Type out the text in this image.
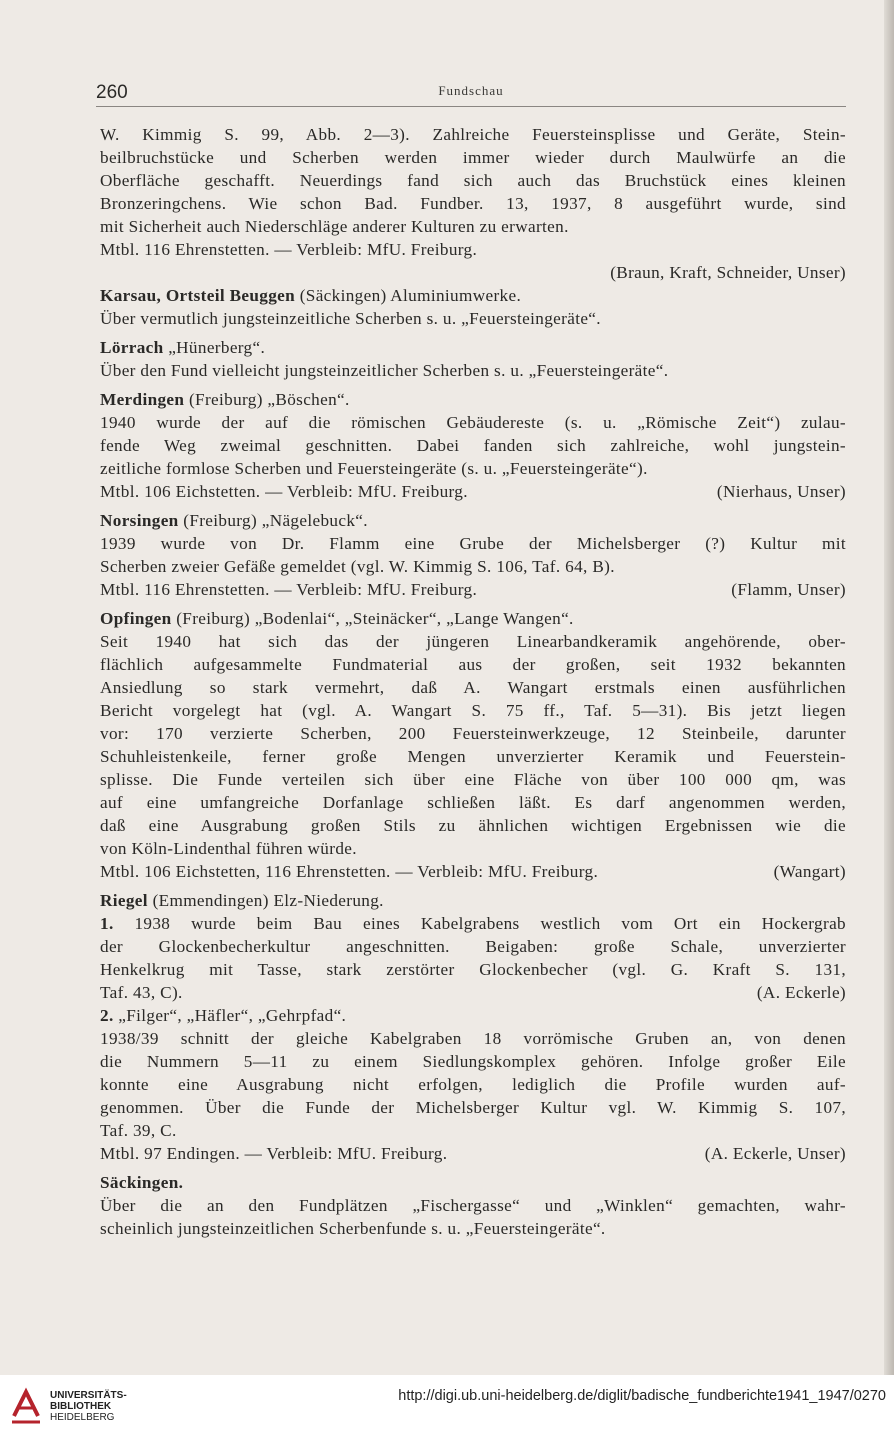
260	Fundschau
W. Kimmig S. 99, Abb. 2—3). Zahlreiche Feuersteinsplisse und Geräte, Stein-
beilbruchstücke und Scherben werden immer wieder durch Maulwürfe an die
Oberfläche geschafft. Neuerdings fand sich auch das Bruchstück eines kleinen
Bronzeringchens. Wie schon Bad. Fundber. 13, 1937, 8 ausgeführt wurde, sind
mit Sicherheit auch Niederschläge anderer Kulturen zu erwarten.
Mtbl. 116 Ehrenstetten. — Verbleib: MfU. Freiburg.
(Braun, Kraft, Schneider, Unser)
Karsau, Ortsteil Beuggen (Säckingen) Aluminiumwerke.
Über vermutlich jungsteinzeitliche Scherben s. u. „Feuersteingeräte“.
Lörrach „Hünerberg“.
Über den Fund vielleicht jungsteinzeitlicher Scherben s. u. „Feuersteingeräte“.
Merdingen (Freiburg) „Böschen“.
1940 wurde der auf die römischen Gebäudereste (s. u. „Römische Zeit“) zulau-
fende Weg zweimal geschnitten. Dabei fanden sich zahlreiche, wohl jungstein-
zeitliche formlose Scherben und Feuersteingeräte (s. u. „Feuersteingeräte“).
Mtbl. 106 Eichstetten. — Verbleib: MfU. Freiburg.	(Nierhaus, Unser)
Norsingen (Freiburg) „Nägelebuck“.
1939 wurde von Dr. Flamm eine Grube der Michelsberger (?) Kultur mit
Scherben zweier Gefäße gemeldet (vgl. W. Kimmig S. 106, Taf. 64, B).
Mtbl. 116 Ehrenstetten. — Verbleib: MfU. Freiburg.	(Flamm, Unser)
Opfingen (Freiburg) „Bodenlai“, „Steinäcker“, „Lange Wangen“.
Seit 1940 hat sich das der jüngeren Linearbandkeramik angehörende, ober-
flächlich aufgesammelte Fundmaterial aus der großen, seit 1932 bekannten
Ansiedlung so stark vermehrt, daß A. Wangart erstmals einen ausführlichen
Bericht vorgelegt hat (vgl. A. Wangart S. 75 ff., Taf. 5—31). Bis jetzt liegen
vor: 170 verzierte Scherben, 200 Feuersteinwerkzeuge, 12 Steinbeile, darunter
Schuhleistenkeile, ferner große Mengen unverzierter Keramik und Feuerstein-
splisse. Die Funde verteilen sich über eine Fläche von über 100 000 qm, was
auf eine umfangreiche Dorfanlage schließen läßt. Es darf angenommen werden,
daß eine Ausgrabung großen Stils zu ähnlichen wichtigen Ergebnissen wie die
von Köln-Lindenthal führen würde.
Mtbl. 106 Eichstetten, 116 Ehrenstetten. — Verbleib: MfU. Freiburg.	(Wangart)
Riegel (Emmendingen) Elz-Niederung.
1. 1938 wurde beim Bau eines Kabelgrabens westlich vom Ort ein Hockergrab
der Glockenbecherkultur angeschnitten. Beigaben: große Schale, unverzierter
Henkelkrug mit Tasse, stark zerstörter Glockenbecher (vgl. G. Kraft S. 131,
Taf. 43, C).	(A. Eckerle)
2. „Filger“, „Häfler“, „Gehrpfad“.
1938/39 schnitt der gleiche Kabelgraben 18 vorrömische Gruben an, von denen
die Nummern 5—11 zu einem Siedlungskomplex gehören. Infolge großer Eile
konnte eine Ausgrabung nicht erfolgen, lediglich die Profile wurden auf-
genommen. Über die Funde der Michelsberger Kultur vgl. W. Kimmig S. 107,
Taf. 39, C.
Mtbl. 97 Endingen. — Verbleib: MfU. Freiburg.	(A. Eckerle, Unser)
Säckingen.
Über die an den Fundplätzen „Fischergasse“ und „Winklen“ gemachten, wahr-
scheinlich jungsteinzeitlichen Scherbenfunde s. u. „Feuersteingeräte“.
UNIVERSITÄTS-
BIBLIOTHEK
HEIDELBERG
http://digi.ub.uni-heidelberg.de/diglit/badische_fundberichte1941_1947/0270
